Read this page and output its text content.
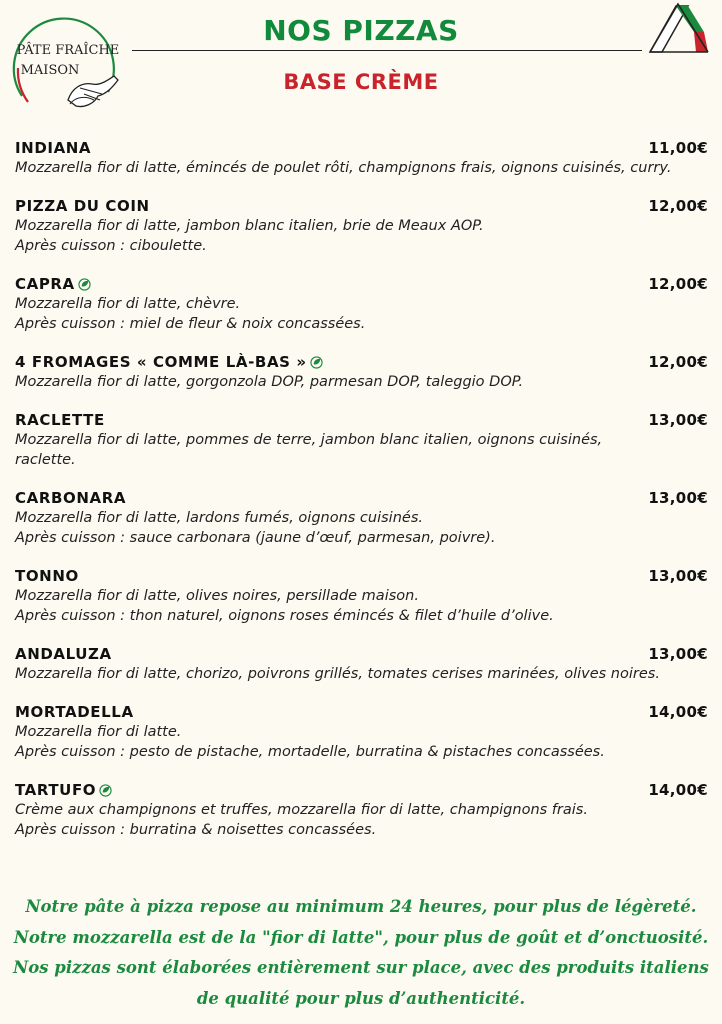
PÂTE FRAÎCHE
MAISON
NOS PIZZAS
BASE CRÈME
INDIANA	11,00€
Mozzarella fior di latte, émincés de poulet rôti, champignons frais, oignons cuisinés, curry.
PIZZA DU COIN	12,00€
Mozzarella fior di latte, jambon blanc italien, brie de Meaux AOP.
Après cuisson : ciboulette.
CAPRA	12,00€
Mozzarella fior di latte, chèvre.
Après cuisson : miel de fleur & noix concassées.
4 FROMAGES « COMME LÀ-BAS »	12,00€
Mozzarella fior di latte, gorgonzola DOP, parmesan DOP, taleggio DOP.
RACLETTE	13,00€
Mozzarella fior di latte, pommes de terre, jambon blanc italien, oignons cuisinés,
raclette.
CARBONARA	13,00€
Mozzarella fior di latte, lardons fumés, oignons cuisinés.
Après cuisson : sauce carbonara (jaune d’œuf, parmesan, poivre).
TONNO	13,00€
Mozzarella fior di latte, olives noires, persillade maison.
Après cuisson : thon naturel, oignons roses émincés & filet d’huile d’olive.
ANDALUZA	13,00€
Mozzarella fior di latte, chorizo, poivrons grillés, tomates cerises marinées, olives noires.
MORTADELLA	14,00€
Mozzarella fior di latte.
Après cuisson : pesto de pistache, mortadelle, burratina & pistaches concassées.
TARTUFO	14,00€
Crème aux champignons et truffes, mozzarella fior di latte, champignons frais.
Après cuisson : burratina & noisettes concassées.
Notre pâte à pizza repose au minimum 24 heures, pour plus de légèreté.
Notre mozzarella est de la "fior di latte", pour plus de goût et d’onctuosité.
Nos pizzas sont élaborées entièrement sur place, avec des produits italiens
de qualité pour plus d’authenticité.
